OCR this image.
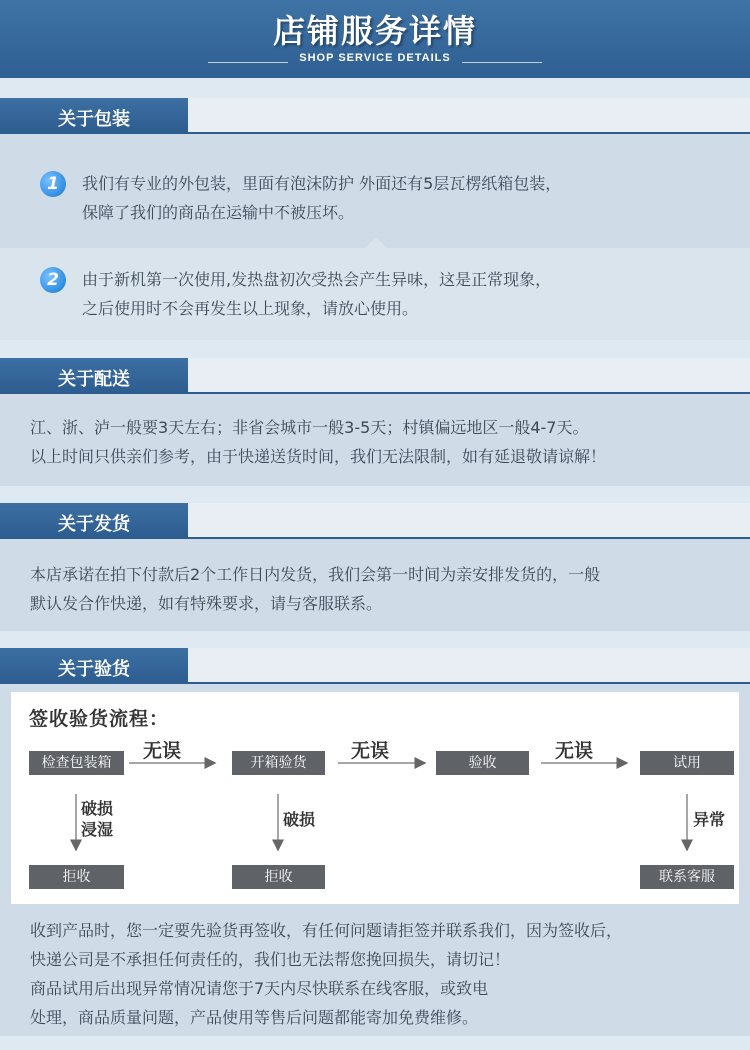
店铺服务详情
SHOP SERVICE DETAILS
关于包装
1	我们有专业的外包装，里面有泡沫防护 外面还有5层瓦楞纸箱包装，
保障了我们的商品在运输中不被压坏。
2	由于新机第一次使用,发热盘初次受热会产生异味，这是正常现象，
之后使用时不会再发生以上现象，请放心使用。
关于配送
江、浙、泸一般要3天左右；非省会城市一般3-5天；村镇偏远地区一般4-7天。
以上时间只供亲们参考，由于快递送货时间，我们无法限制，如有延退敬请谅解！
关于发货
本店承诺在拍下付款后2个工作日内发货，我们会第一时间为亲安排发货的，一般
默认发合作快递，如有特殊要求，请与客服联系。
关于验货
签收验货流程：
检查包装箱	开箱验货	验收	试用
无误	无误	无误
破损
浸湿
破损	异常
拒收	拒收	联系客服
收到产品时，您一定要先验货再签收，有任何问题请拒签并联系我们，因为签收后，
快递公司是不承担任何责任的，我们也无法帮您挽回损失，请切记！
商品试用后出现异常情况请您于7天内尽快联系在线客服，或致电
处理，商品质量问题，产品使用等售后问题都能寄加免费维修。
